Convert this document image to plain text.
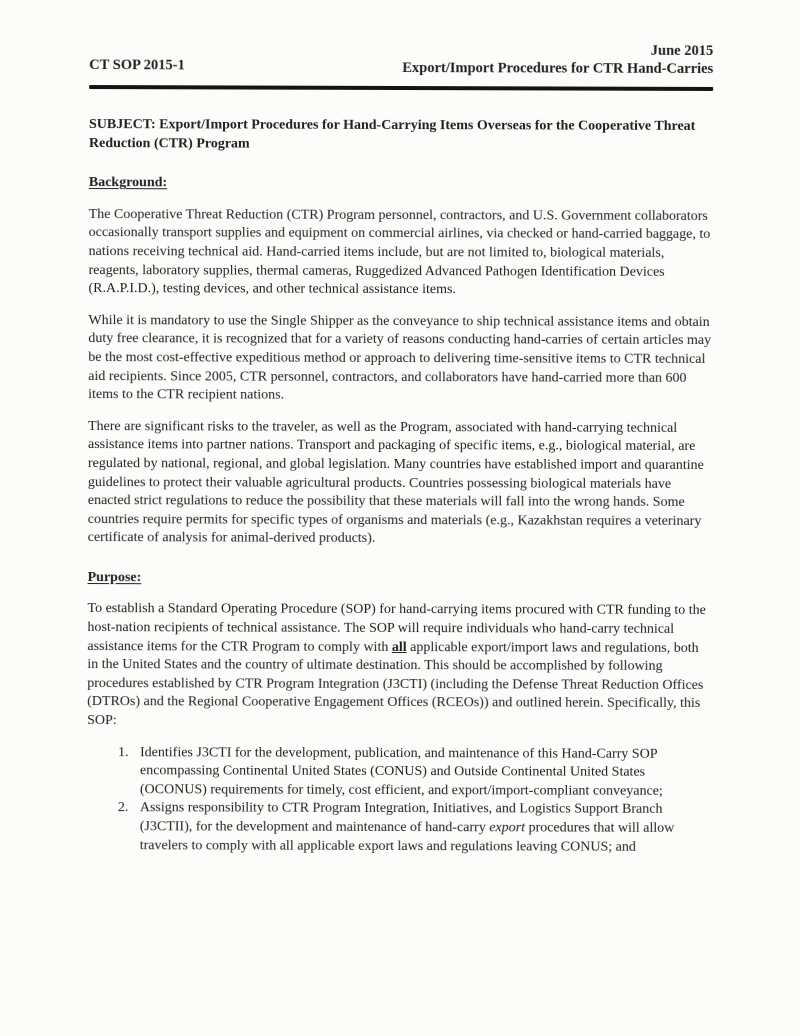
CT SOP 2015-1
June 2015
Export/Import Procedures for CTR Hand-Carries

SUBJECT: Export/Import Procedures for Hand-Carrying Items Overseas for the Cooperative Threat Reduction (CTR) Program

Background:

The Cooperative Threat Reduction (CTR) Program personnel, contractors, and U.S. Government collaborators occasionally transport supplies and equipment on commercial airlines, via checked or hand-carried baggage, to nations receiving technical aid. Hand-carried items include, but are not limited to, biological materials, reagents, laboratory supplies, thermal cameras, Ruggedized Advanced Pathogen Identification Devices (R.A.P.I.D.), testing devices, and other technical assistance items.

While it is mandatory to use the Single Shipper as the conveyance to ship technical assistance items and obtain duty free clearance, it is recognized that for a variety of reasons conducting hand-carries of certain articles may be the most cost-effective expeditious method or approach to delivering time-sensitive items to CTR technical aid recipients. Since 2005, CTR personnel, contractors, and collaborators have hand-carried more than 600 items to the CTR recipient nations.

There are significant risks to the traveler, as well as the Program, associated with hand-carrying technical assistance items into partner nations. Transport and packaging of specific items, e.g., biological material, are regulated by national, regional, and global legislation. Many countries have established import and quarantine guidelines to protect their valuable agricultural products. Countries possessing biological materials have enacted strict regulations to reduce the possibility that these materials will fall into the wrong hands. Some countries require permits for specific types of organisms and materials (e.g., Kazakhstan requires a veterinary certificate of analysis for animal-derived products).

Purpose:

To establish a Standard Operating Procedure (SOP) for hand-carrying items procured with CTR funding to the host-nation recipients of technical assistance. The SOP will require individuals who hand-carry technical assistance items for the CTR Program to comply with all applicable export/import laws and regulations, both in the United States and the country of ultimate destination. This should be accomplished by following procedures established by CTR Program Integration (J3CTI) (including the Defense Threat Reduction Offices (DTROs) and the Regional Cooperative Engagement Offices (RCEOs)) and outlined herein. Specifically, this SOP:

1. Identifies J3CTI for the development, publication, and maintenance of this Hand-Carry SOP encompassing Continental United States (CONUS) and Outside Continental United States (OCONUS) requirements for timely, cost efficient, and export/import-compliant conveyance;
2. Assigns responsibility to CTR Program Integration, Initiatives, and Logistics Support Branch (J3CTII), for the development and maintenance of hand-carry export procedures that will allow travelers to comply with all applicable export laws and regulations leaving CONUS; and
